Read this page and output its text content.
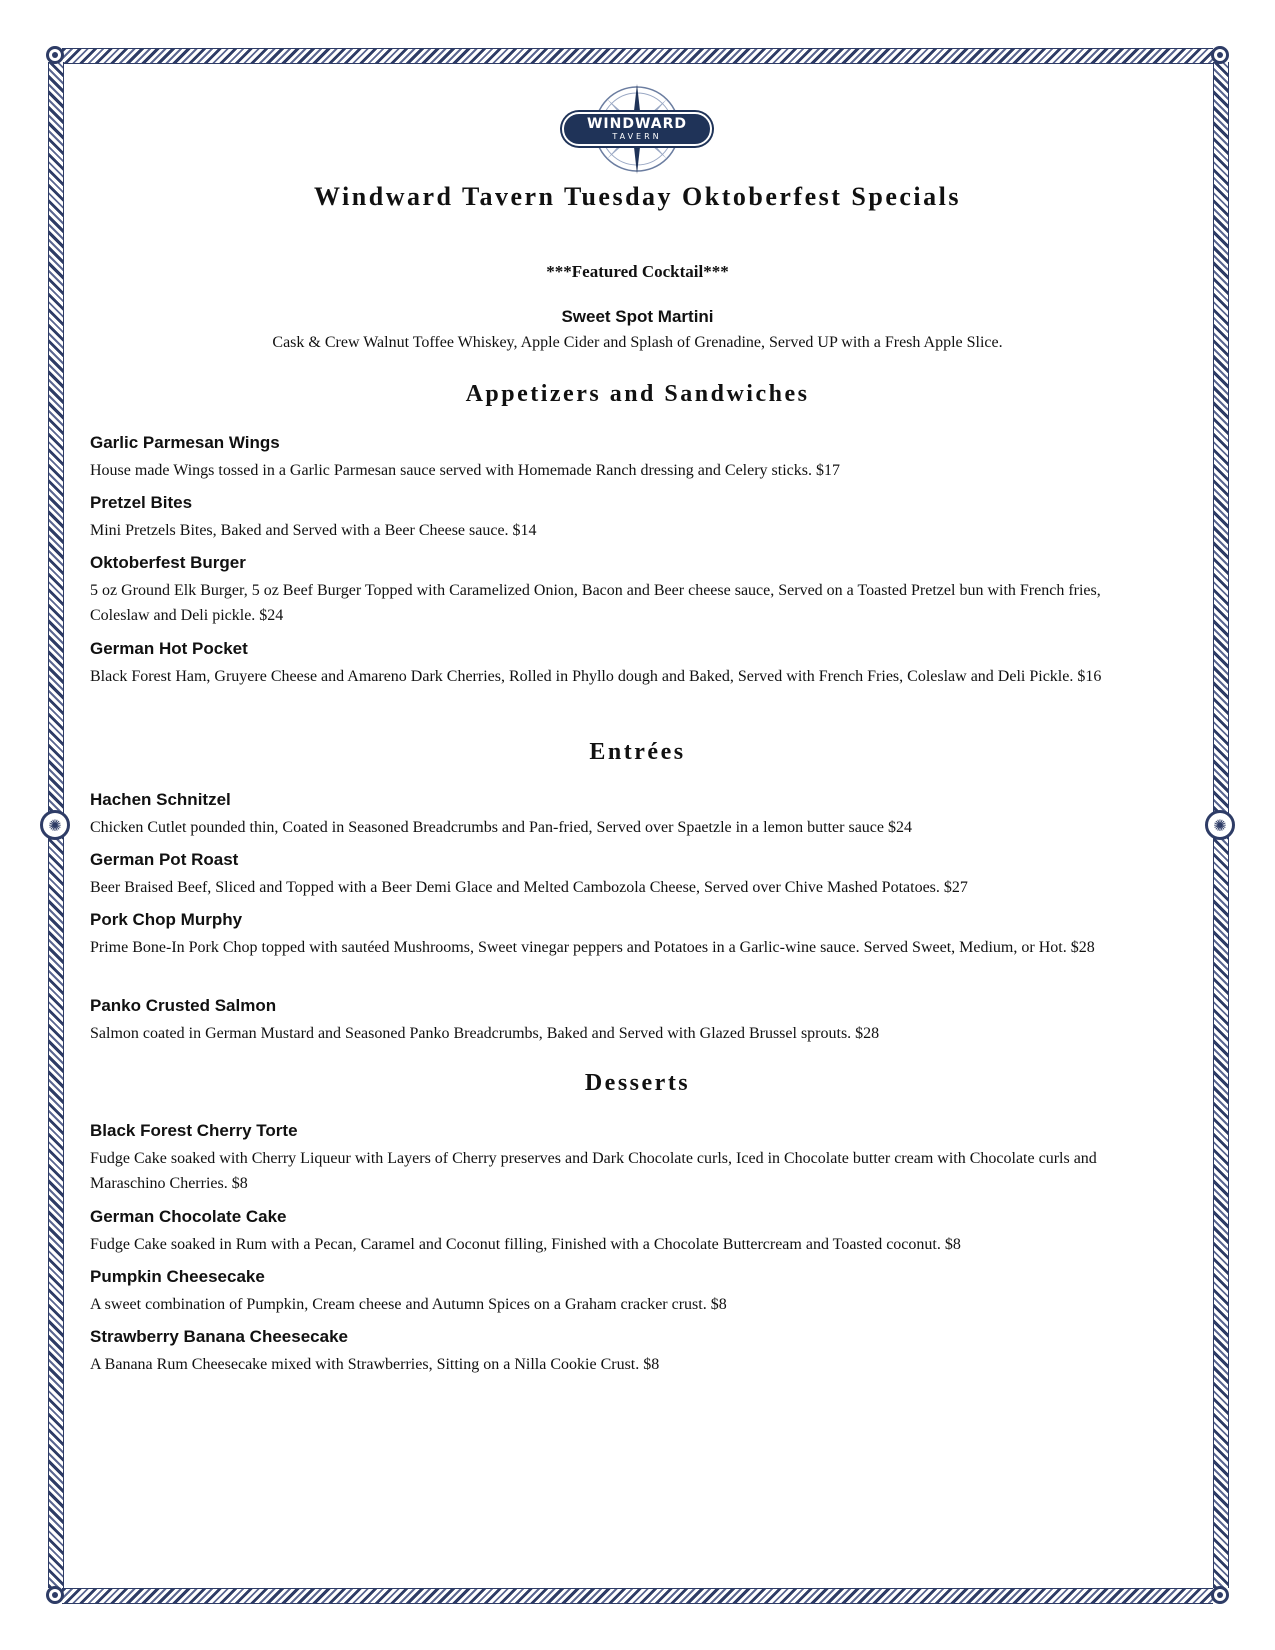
✺	✺
WINDWARD
TAVERN
Windward Tavern Tuesday Oktoberfest Specials
***Featured Cocktail***
Sweet Spot Martini
Cask & Crew Walnut Toffee Whiskey, Apple Cider and Splash of Grenadine, Served UP with a Fresh Apple Slice.
Appetizers and Sandwiches
Garlic Parmesan Wings
House made Wings tossed in a Garlic Parmesan sauce served with Homemade Ranch dressing and Celery sticks. $17
Pretzel Bites
Mini Pretzels Bites, Baked and Served with a Beer Cheese sauce. $14
Oktoberfest Burger
5 oz Ground Elk Burger, 5 oz Beef Burger Topped with Caramelized Onion, Bacon and Beer cheese sauce, Served on a Toasted Pretzel bun with French fries, Coleslaw and Deli pickle. $24
German Hot Pocket
Black Forest Ham, Gruyere Cheese and Amareno Dark Cherries, Rolled in Phyllo dough and Baked, Served with French Fries, Coleslaw and Deli Pickle. $16
Entrées
Hachen Schnitzel
Chicken Cutlet pounded thin, Coated in Seasoned Breadcrumbs and Pan-fried, Served over Spaetzle in a lemon butter sauce $24
German Pot Roast
Beer Braised Beef, Sliced and Topped with a Beer Demi Glace and Melted Cambozola Cheese, Served over Chive Mashed Potatoes. $27
Pork Chop Murphy
Prime Bone-In Pork Chop topped with sautéed Mushrooms, Sweet vinegar peppers and Potatoes in a Garlic-wine sauce. Served Sweet, Medium, or Hot. $28
Panko Crusted Salmon
Salmon coated in German Mustard and Seasoned Panko Breadcrumbs, Baked and Served with Glazed Brussel sprouts. $28
Desserts
Black Forest Cherry Torte
Fudge Cake soaked with Cherry Liqueur with Layers of Cherry preserves and Dark Chocolate curls, Iced in Chocolate butter cream with Chocolate curls and Maraschino Cherries. $8
German Chocolate Cake
Fudge Cake soaked in Rum with a Pecan, Caramel and Coconut filling, Finished with a Chocolate Buttercream and Toasted coconut. $8
Pumpkin Cheesecake
A sweet combination of Pumpkin, Cream cheese and Autumn Spices on a Graham cracker crust. $8
Strawberry Banana Cheesecake
A Banana Rum Cheesecake mixed with Strawberries, Sitting on a Nilla Cookie Crust. $8
